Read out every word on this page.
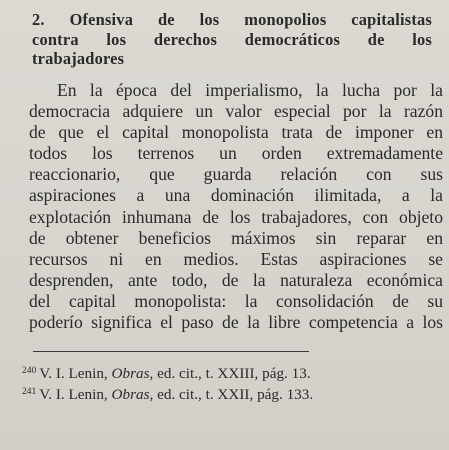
2. Ofensiva de los monopolios capitalistas
contra los derechos democráticos de los
trabajadores
En la época del imperialismo, la lucha por la
democracia adquiere un valor especial por la razón
de que el capital monopolista trata de imponer en
todos los terrenos un orden extremadamente
reaccionario, que guarda relación con sus
aspiraciones a una dominación ilimitada, a la
explotación inhumana de los trabajadores, con objeto
de obtener beneficios máximos sin reparar en
recursos ni en medios. Estas aspiraciones se
desprenden, ante todo, de la naturaleza económica
del capital monopolista: la consolidación de su
poderío significa el paso de la libre competencia a los
$^{240}$ V. I. Lenin, Obras, ed. cit., t. XXIII, pág. 13.
$^{241}$ V. I. Lenin, Obras, ed. cit., t. XXII, pág. 133.
